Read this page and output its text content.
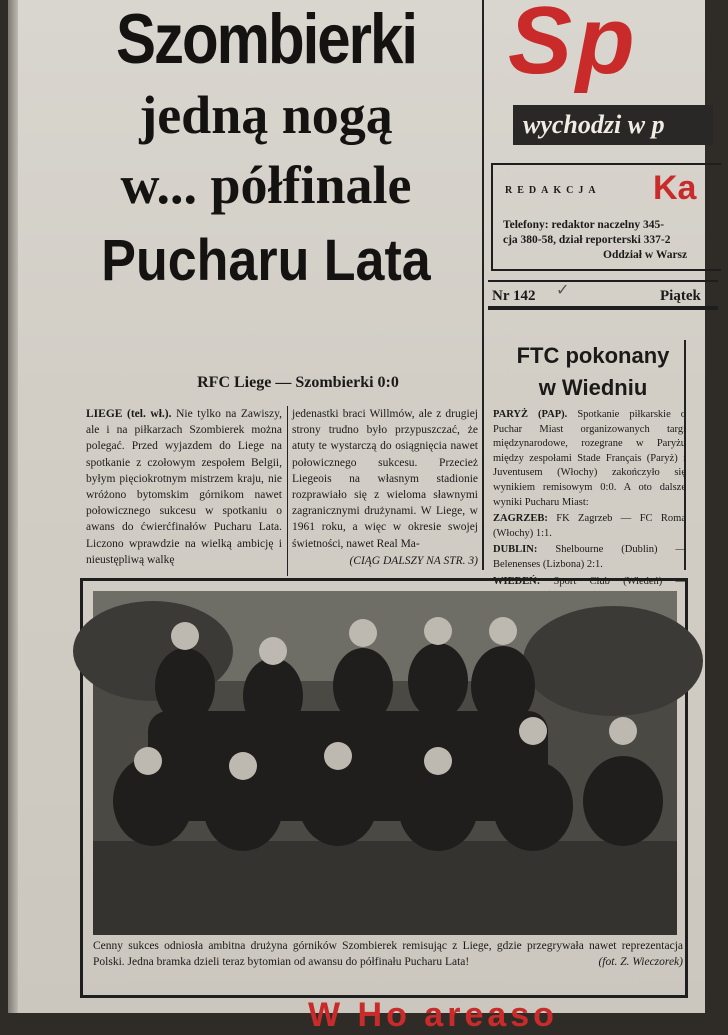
Szombierki
jedną nogą
w... półfinale
Pucharu Lata
RFC Liege — Szombierki 0:0
LIEGE (tel. wł.). Nie tylko na Zawiszy, ale i na piłkarzach Szombierek można polegać. Przed wyjazdem do Liege na spotkanie z czołowym zespołem Belgii, byłym pięciokrotnym mistrzem kraju, nie wróżono bytomskim górnikom nawet połowicznego sukcesu w spotkaniu o awans do ćwierćfinałów Pucharu Lata. Liczono wprawdzie na wielką ambicję i nieustępliwą walkę
jedenastki braci Willmów, ale z drugiej strony trudno było przypuszczać, że atuty te wystarczą do osiągnięcia nawet połowicznego sukcesu. Przecież Liegeois na własnym stadionie rozprawiało się z wieloma sławnymi zagranicznymi drużynami. W Liege, w 1961 roku, a więc w okresie swojej świetności, nawet Real Ma-
(CIĄG DALSZY NA STR. 3)
Sp
wychodzi w p
REDAKCJA Ka
Telefony: redaktor naczelny 345-
cja 380-58, dział reporterski 337-2
Oddział w Warsz
Nr 142	Piątek
✓
FTC pokonany
w Wiedniu

PARYŻ (PAP). Spotkanie piłkarskie o Puchar Miast organizowanych targi międzynarodowe, rozegrane w Paryżu między zespołami Stade Français (Paryż) i Juventusem (Włochy) zakończyło się wynikiem remisowym 0:0. A oto dalsze wyniki Pucharu Miast:

ZAGRZEB: FK Zagrzeb — FC Roma (Włochy) 1:1.

DUBLIN: Shelbourne (Dublin) — Belenenses (Lizbona) 2:1.

WIEDEŃ: Sport Club (Wiedeń) —

Cenny sukces odniosła ambitna drużyna górników Szombierek remisując z Liege, gdzie przegrywała nawet reprezentacja Polski. Jedna bramka dzieli teraz bytomian od awansu do półfinału Pucharu Lata!	(fot. Z. Wieczorek)
W Ho areaso
